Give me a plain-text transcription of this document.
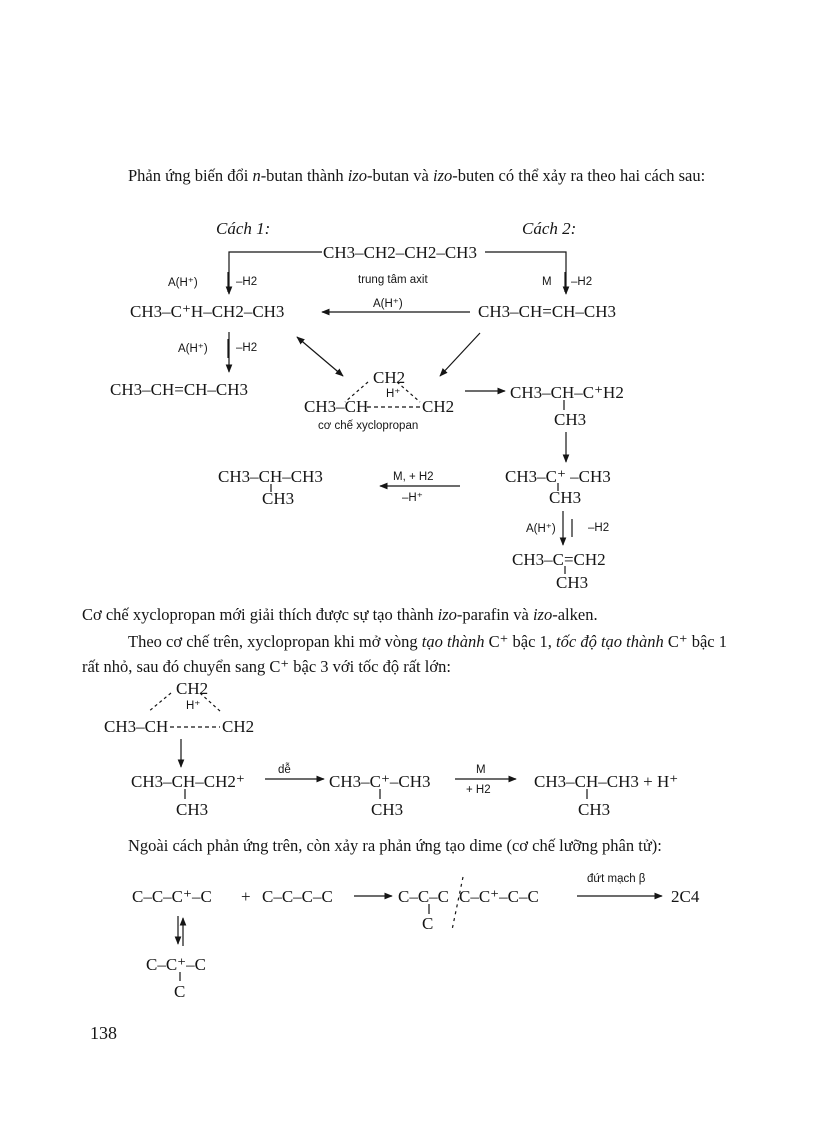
Phản ứng biến đổi n-butan thành izo-butan và izo-buten có thể xảy ra theo hai cách sau:
Cách 1:	Cách 2:
CH3–CH2–CH2–CH3
A(H⁺)	–H2	trung tâm axit	M –H2
CH3–C⁺H–CH2–CH3	A(H⁺)	CH3–CH=CH–CH3
A(H⁺) –H2
CH3–CH=CH–CH3
CH2
H⁺
CH3–CH	CH2
cơ chế xyclopropan
CH3–CH–C⁺H2
CH3
CH3–C⁺ –CH3
CH3
CH3–CH–CH3
CH3
M, + H2
–H⁺
A(H⁺)	–H2
CH3–C=CH2
CH3
Cơ chế xyclopropan mới giải thích được sự tạo thành izo-parafin và izo-alken.
Theo cơ chế trên, xyclopropan khi mở vòng tạo thành C⁺ bậc 1, tốc độ tạo thành C⁺ bậc 1 rất nhỏ, sau đó chuyển sang C⁺ bậc 3 với tốc độ rất lớn:
CH2
H⁺
CH3–CH	CH2
CH3–CH–CH2⁺
CH3
dễ
CH3–C⁺–CH3
CH3
M
+ H2	CH3–CH–CH3 + H⁺
CH3
Ngoài cách phản ứng trên, còn xảy ra phản ứng tạo dime (cơ chế lưỡng phân tử):
C–C–C⁺–C + C–C–C–C	C–C–C C–C⁺–C–C
C
đứt mạch β
2C4
C–C⁺–C
C
138
